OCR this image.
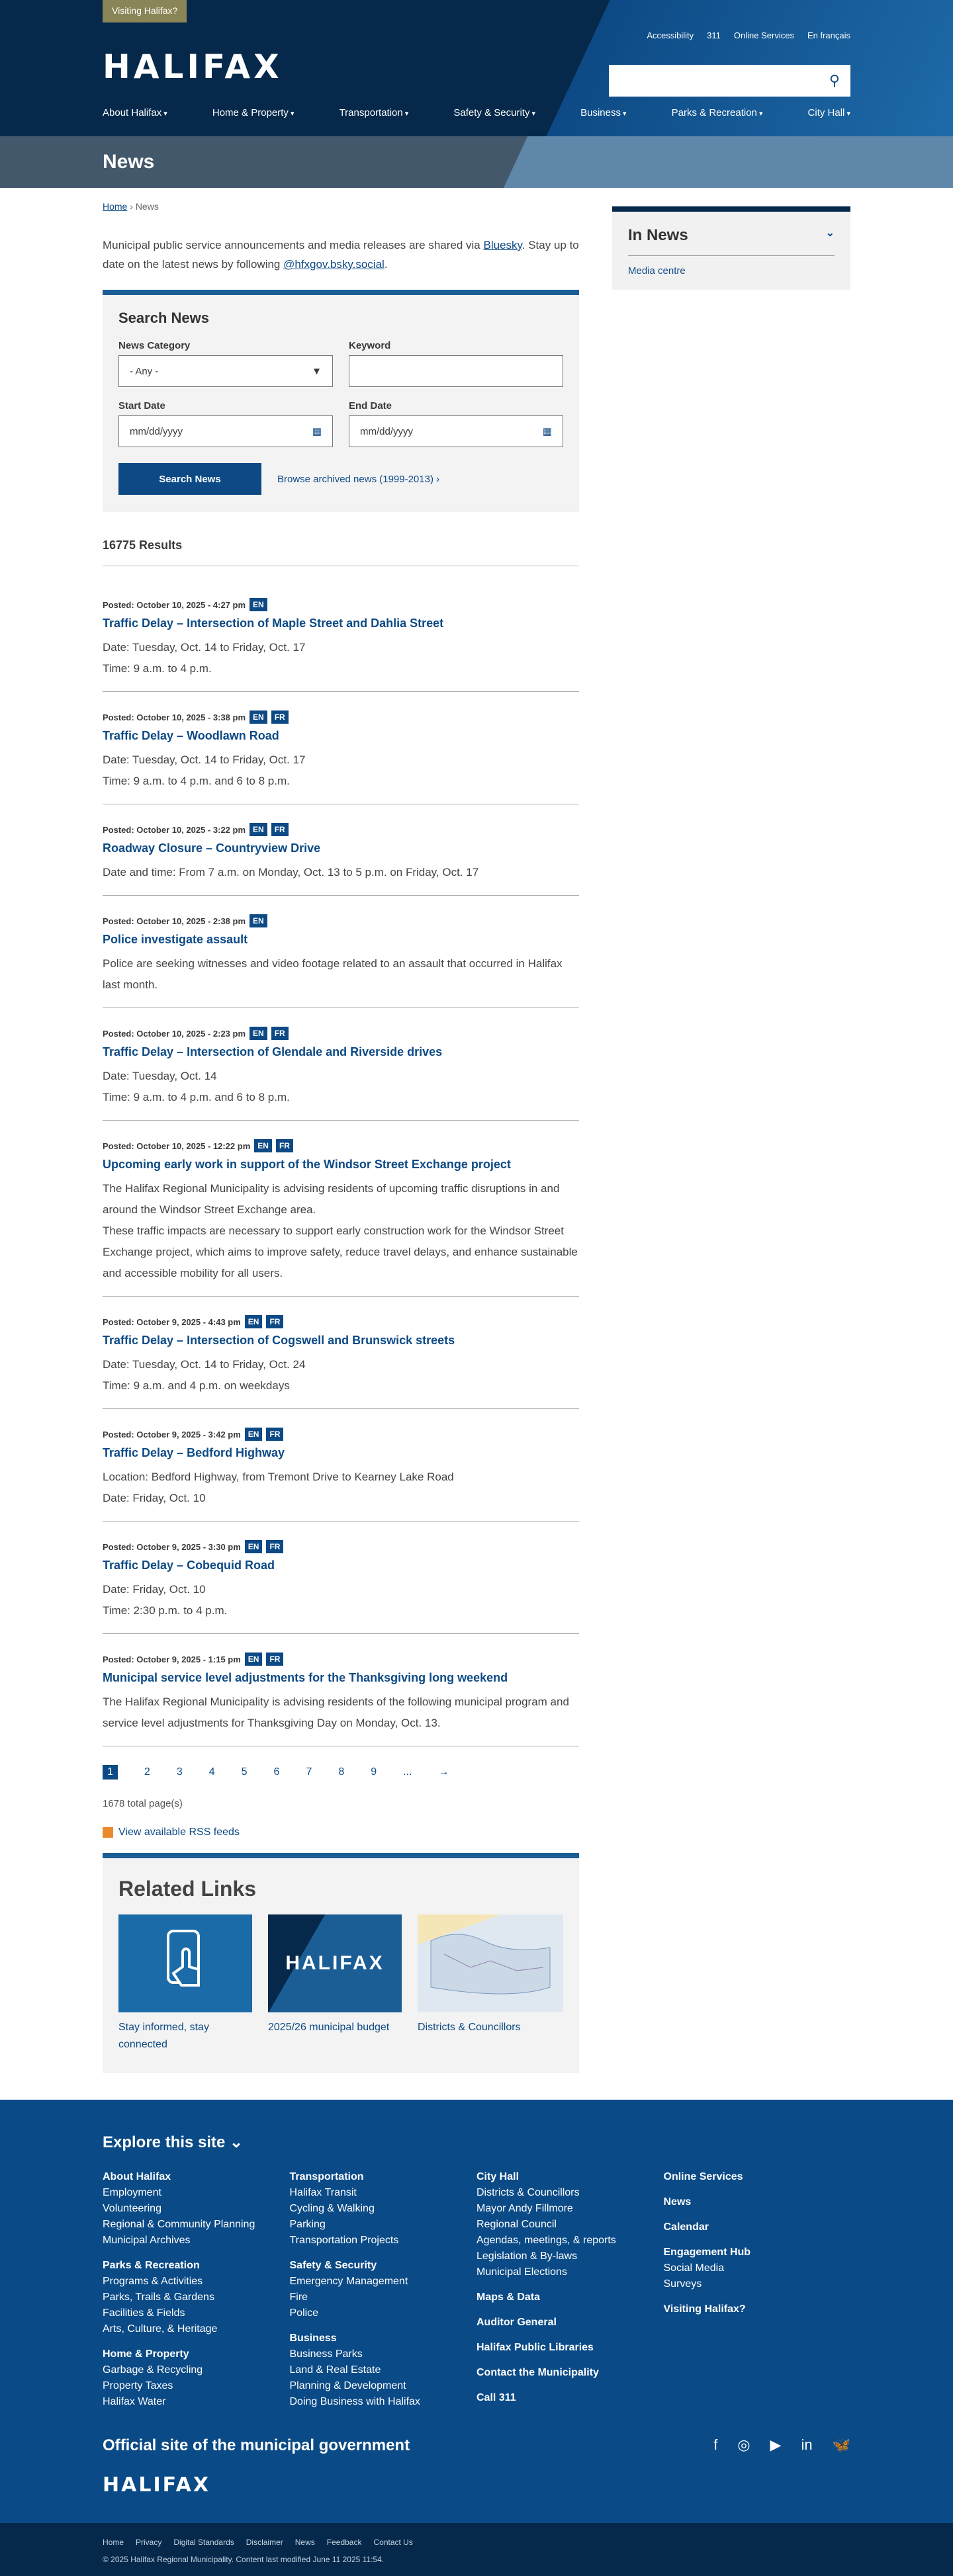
Visiting Halifax?
Accessibility 311 Online Services En français
HALIFAX	⚲
About Halifax ▾	Home & Property ▾	Transportation ▾	Safety & Security ▾	Business ▾	Parks & Recreation ▾	City Hall ▾
News
Home › News

Municipal public service announcements and media releases are shared via Bluesky. Stay up to date on the latest news by following @hfxgov.bsky.social.

Search News
News Category
- Any -	▼
Keyword
Start Date
mm/dd/yyyy	▦
End Date
mm/dd/yyyy	▦
Search News	Browse archived news (1999-2013) ›
16775 Results
Posted: October 10, 2025 - 4:27 pm EN
Traffic Delay – Intersection of Maple Street and Dahlia Street

Date: Tuesday, Oct. 14 to Friday, Oct. 17

Time: 9 a.m. to 4 p.m.

Posted: October 10, 2025 - 3:38 pm EN	FR
Traffic Delay – Woodlawn Road

Date: Tuesday, Oct. 14 to Friday, Oct. 17

Time: 9 a.m. to 4 p.m. and 6 to 8 p.m.

Posted: October 10, 2025 - 3:22 pm EN	FR
Roadway Closure – Countryview Drive

Date and time: From 7 a.m. on Monday, Oct. 13 to 5 p.m. on Friday, Oct. 17

Posted: October 10, 2025 - 2:38 pm EN
Police investigate assault

Police are seeking witnesses and video footage related to an assault that occurred in Halifax last month.

Posted: October 10, 2025 - 2:23 pm EN	FR
Traffic Delay – Intersection of Glendale and Riverside drives

Date: Tuesday, Oct. 14

Time: 9 a.m. to 4 p.m. and 6 to 8 p.m.

Posted: October 10, 2025 - 12:22 pm EN	FR
Upcoming early work in support of the Windsor Street Exchange project

The Halifax Regional Municipality is advising residents of upcoming traffic disruptions in and around the Windsor Street Exchange area.

These traffic impacts are necessary to support early construction work for the Windsor Street Exchange project, which aims to improve safety, reduce travel delays, and enhance sustainable and accessible mobility for all users.

Posted: October 9, 2025 - 4:43 pm EN	FR
Traffic Delay – Intersection of Cogswell and Brunswick streets

Date: Tuesday, Oct. 14 to Friday, Oct. 24

Time: 9 a.m. and 4 p.m. on weekdays

Posted: October 9, 2025 - 3:42 pm EN	FR
Traffic Delay – Bedford Highway

Location: Bedford Highway, from Tremont Drive to Kearney Lake Road

Date: Friday, Oct. 10

Posted: October 9, 2025 - 3:30 pm EN	FR
Traffic Delay – Cobequid Road

Date: Friday, Oct. 10

Time: 2:30 p.m. to 4 p.m.

Posted: October 9, 2025 - 1:15 pm EN	FR
Municipal service level adjustments for the Thanksgiving long weekend

The Halifax Regional Municipality is advising residents of the following municipal program and service level adjustments for Thanksgiving Day on Monday, Oct. 13.

1	2	3	4	5	6	7	8	9	...	→
1678 total page(s)
View available RSS feeds
Related Links

Stay informed, stay connected

HALIFAX

2025/26 municipal budget	Districts & Councillors

In News	⌄
Media centre
Explore this site ⌄
About Halifax
Employment
Volunteering
Regional & Community Planning
Municipal Archives
Parks & Recreation
Programs & Activities
Parks, Trails & Gardens
Facilities & Fields
Arts, Culture, & Heritage
Home & Property
Garbage & Recycling
Property Taxes
Halifax Water
Transportation
Halifax Transit
Cycling & Walking
Parking
Transportation Projects
Safety & Security
Emergency Management
Fire
Police
Business
Business Parks
Land & Real Estate
Planning & Development
Doing Business with Halifax
City Hall
Districts & Councillors
Mayor Andy Fillmore
Regional Council
Agendas, meetings, & reports
Legislation & By-laws
Municipal Elections
Maps & Data
Auditor General
Halifax Public Libraries
Contact the Municipality
Call 311
Online Services
News
Calendar
Engagement Hub
Social Media
Surveys
Visiting Halifax?
Official site of the municipal government	f ◎ ▶ in 🦋
HALIFAX
Home Privacy Digital Standards Disclaimer News Feedback Contact Us
© 2025 Halifax Regional Municipality. Content last modified June 11 2025 11:54.
